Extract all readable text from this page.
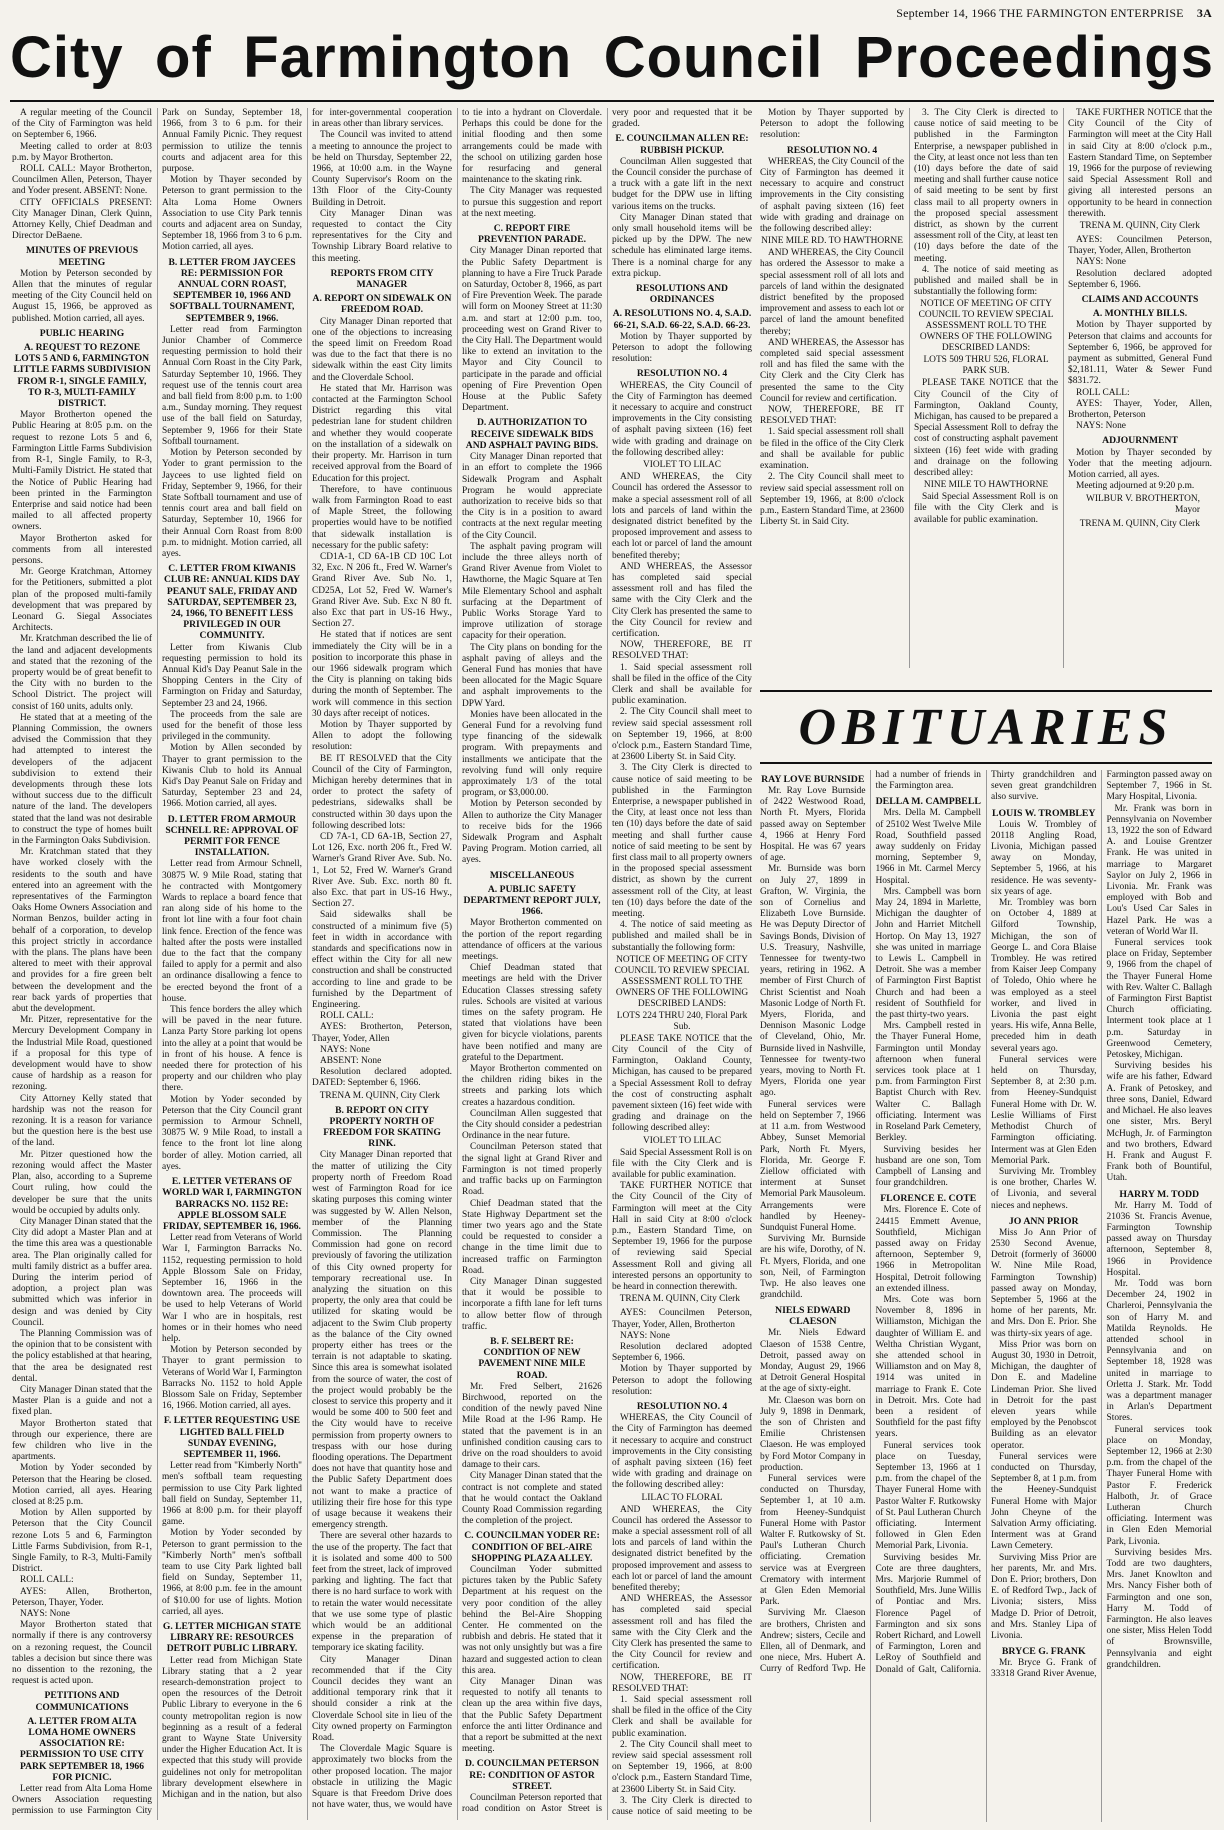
September 14, 1966 THE FARMINGTON ENTERPRISE 3A
City of Farmington Council Proceedings

A regular meeting of the Council of the City of Farmington was held on September 6, 1966.

Meeting called to order at 8:03 p.m. by Mayor Brotherton.

ROLL CALL: Mayor Brotherton, Councilmen Allen, Peterson, Thayer and Yoder present. ABSENT: None.

CITY OFFICIALS PRESENT: City Manager Dinan, Clerk Quinn, Attorney Kelly, Chief Deadman and Director DeBaene.

MINUTES OF PREVIOUS MEETING

Motion by Peterson seconded by Allen that the minutes of regular meeting of the City Council held on August 15, 1966, be approved as published. Motion carried, all ayes.

PUBLIC HEARING

A. REQUEST TO REZONE LOTS 5 AND 6, FARMINGTON LITTLE FARMS SUBDIVISION FROM R-1, SINGLE FAMILY, TO R-3, MULTI-FAMILY DISTRICT.

Mayor Brotherton opened the Public Hearing at 8:05 p.m. on the request to rezone Lots 5 and 6, Farmington Little Farms Subdivision from R-1, Single Family, to R-3, Multi-Family District. He stated that the Notice of Public Hearing had been printed in the Farmington Enterprise and said notice had been mailed to all affected property owners.

Mayor Brotherton asked for comments from all interested persons.

Mr. George Kratchman, Attorney for the Petitioners, submitted a plot plan of the proposed multi-family development that was prepared by Leonard G. Siegal Associates Architects.

Mr. Kratchman described the lie of the land and adjacent developments and stated that the rezoning of the property would be of great benefit to the City with no burden to the School District. The project will consist of 160 units, adults only.

He stated that at a meeting of the Planning Commission, the owners advised the Commission that they had attempted to interest the developers of the adjacent subdivision to extend their developments through these lots without success due to the difficult nature of the land. The developers stated that the land was not desirable to construct the type of homes built in the Farmington Oaks Subdivision.

Mr. Kratchman stated that they have worked closely with the residents to the south and have entered into an agreement with the representatives of the Farmington Oaks Home Owners Association and Norman Benzos, builder acting in behalf of a corporation, to develop this project strictly in accordance with the plans. The plans have been altered to meet with their approval and provides for a fire green belt between the development and the rear back yards of properties that abut the development.

Mr. Pitzer, representative for the Mercury Development Company in the Industrial Mile Road, questioned if a proposal for this type of development would have to show cause of hardship as a reason for rezoning.

City Attorney Kelly stated that hardship was not the reason for rezoning. It is a reason for variance but the question here is the best use of the land.

Mr. Pitzer questioned how the rezoning would affect the Master Plan, also, according to a Supreme Court ruling, how could the developer be sure that the units would be occupied by adults only.

City Manager Dinan stated that the City did adopt a Master Plan and at the time this area was a questionable area. The Plan originally called for multi family district as a buffer area. During the interim period of adoption, a project plan was submitted which was inferior in design and was denied by City Council.

The Planning Commission was of the opinion that to be consistent with the policy established at that hearing, that the area be designated rest dental.

City Manager Dinan stated that the Master Plan is a guide and not a fixed plan.

Mayor Brotherton stated that through our experience, there are few children who live in the apartments.

Motion by Yoder seconded by Peterson that the Hearing be closed. Motion carried, all ayes. Hearing closed at 8:25 p.m.

Motion by Allen supported by Peterson that the City Council rezone Lots 5 and 6, Farmington Little Farms Subdivision, from R-1, Single Family, to R-3, Multi-Family District.

ROLL CALL:

AYES: Allen, Brotherton, Peterson, Thayer, Yoder.

NAYS: None

Mayor Brotherton stated that normally if there is any controversy on a rezoning request, the Council tables a decision but since there was no dissention to the rezoning, the request is acted upon.

PETITIONS AND COMMUNICATIONS

A. LETTER FROM ALTA LOMA HOME OWNERS ASSOCIATION RE: PERMISSION TO USE CITY PARK SEPTEMBER 18, 1966 FOR PICNIC.

Letter read from Alta Loma Home Owners Association requesting permission to use Farmington City Park on Sunday, September 18, 1966, from 3 to 6 p.m. for their Annual Family Picnic. They request permission to utilize the tennis courts and adjacent area for this purpose.

Motion by Thayer seconded by Peterson to grant permission to the Alta Loma Home Owners Association to use City Park tennis courts and adjacent area on Sunday, September 18, 1966 from 3 to 6 p.m. Motion carried, all ayes.

B. LETTER FROM JAYCEES RE: PERMISSION FOR ANNUAL CORN ROAST, SEPTEMBER 10, 1966 AND SOFTBALL TOURNAMENT, SEPTEMBER 9, 1966.

Letter read from Farmington Junior Chamber of Commerce requesting permission to hold their Annual Corn Roast in the City Park, Saturday September 10, 1966. They request use of the tennis court area and ball field from 8:00 p.m. to 1:00 a.m., Sunday morning. They request use of the ball field on Saturday, September 9, 1966 for their State Softball tournament.

Motion by Peterson seconded by Yoder to grant permission to the Jaycees to use lighted field on Friday, September 9, 1966, for their State Softball tournament and use of tennis court area and ball field on Saturday, September 10, 1966 for their Annual Corn Roast from 8:00 p.m. to midnight. Motion carried, all ayes.

C. LETTER FROM KIWANIS CLUB RE: ANNUAL KIDS DAY PEANUT SALE, FRIDAY AND SATURDAY, SEPTEMBER 23, 24, 1966, TO BENEFIT LESS PRIVILEGED IN OUR COMMUNITY.

Letter from Kiwanis Club requesting permission to hold its Annual Kid's Day Peanut Sale in the Shopping Centers in the City of Farmington on Friday and Saturday, September 23 and 24, 1966.

The proceeds from the sale are used for the benefit of those less privileged in the community.

Motion by Allen seconded by Thayer to grant permission to the Kiwanis Club to hold its Annual Kid's Day Peanut Sale on Friday and Saturday, September 23 and 24, 1966. Motion carried, all ayes.

D. LETTER FROM ARMOUR SCHNELL RE: APPROVAL OF PERMIT FOR FENCE INSTALLATION.

Letter read from Armour Schnell, 30875 W. 9 Mile Road, stating that he contracted with Montgomery Wards to replace a board fence that ran along side of his home to the front lot line with a four foot chain link fence. Erection of the fence was halted after the posts were installed due to the fact that the company failed to apply for a permit and also an ordinance disallowing a fence to be erected beyond the front of a house.

This fence borders the alley which will be paved in the near future. Lanza Party Store parking lot opens into the alley at a point that would be in front of his house. A fence is needed there for protection of his property and our children who play there.

Motion by Yoder seconded by Peterson that the City Council grant permission to Armour Schnell, 30875 W. 9 Mile Road, to install a fence to the front lot line along border of alley. Motion carried, all ayes.

E. LETTER VETERANS OF WORLD WAR I, FARMINGTON BARRACKS NO. 1152 RE: APPLE BLOSSOM SALE FRIDAY, SEPTEMBER 16, 1966.

Letter read from Veterans of World War I, Farmington Barracks No. 1152, requesting permission to hold Apple Blossom Sale on Friday, September 16, 1966 in the downtown area. The proceeds will be used to help Veterans of World War I who are in hospitals, rest homes or in their homes who need help.

Motion by Peterson seconded by Thayer to grant permission to Veterans of World War I, Farmington Barracks No. 1152 to hold Apple Blossom Sale on Friday, September 16, 1966. Motion carried, all ayes.

F. LETTER REQUESTING USE LIGHTED BALL FIELD SUNDAY EVENING, SEPTEMBER 11, 1966.

Letter read from "Kimberly North" men's softball team requesting permission to use City Park lighted ball field on Sunday, September 11, 1966 at 8:00 p.m. for their playoff game.

Motion by Yoder seconded by Peterson to grant permission to the "Kimberly North" men's softball team to use City Park lighted ball field on Sunday, September 11, 1966, at 8:00 p.m. fee in the amount of $10.00 for use of lights. Motion carried, all ayes.

G. LETTER MICHIGAN STATE LIBRARY RE: RESOURCES DETROIT PUBLIC LIBRARY.

Letter read from Michigan State Library stating that a 2 year research-demonstration project to open the resources of the Detroit Public Library to everyone in the 6 county metropolitan region is now beginning as a result of a federal grant to Wayne State University under the Higher Education Act. It is expected that this study will provide guidelines not only for metropolitan library development elsewhere in Michigan and in the nation, but also for inter-governmental cooperation in areas other than library services.

The Council was invited to attend a meeting to announce the project to be held on Thursday, September 22, 1966, at 10:00 a.m. in the Wayne County Supervisor's Room on the 13th Floor of the City-County Building in Detroit.

City Manager Dinan was requested to contact the City representatives for the City and Township Library Board relative to this meeting.

REPORTS FROM CITY MANAGER

A. REPORT ON SIDEWALK ON FREEDOM ROAD.

City Manager Dinan reported that one of the objections to increasing the speed limit on Freedom Road was due to the fact that there is no sidewalk within the east City limits and the Cloverdale School.

He stated that Mr. Harrison was contacted at the Farmington School District regarding this vital pedestrian lane for student children and whether they would cooperate on the installation of a sidewalk on their property. Mr. Harrison in turn received approval from the Board of Education for this project.

Therefore, to have continuous walk from Farmington Road to east of Maple Street, the following properties would have to be notified that sidewalk installation is necessary for the public safety:

CD1A-1, CD 6A-1B CD 10C Lot 32, Exc. N 206 ft., Fred W. Warner's Grand River Ave. Sub No. 1, CD25A, Lot 52, Fred W. Warner's Grand River Ave. Sub. Exc N 80 ft. also Exc that part in US-16 Hwy., Section 27.

He stated that if notices are sent immediately the City will be in a position to incorporate this phase in our 1966 sidewalk program which the City is planning on taking bids during the month of September. The work will commence in this section 30 days after receipt of notices.

Motion by Thayer supported by Allen to adopt the following resolution:

BE IT RESOLVED that the City Council of the City of Farmington, Michigan hereby determines that in order to protect the safety of pedestrians, sidewalks shall be constructed within 30 days upon the following described lots:

CD 7A-1, CD 6A-1B, Section 27, Lot 126, Exc. north 206 ft., Fred W. Warner's Grand River Ave. Sub. No. 1, Lot 52, Fred W. Warner's Grand River Ave. Sub. Exc. north 80 ft. also Exc. that part in US-16 Hwy., Section 27.

Said sidewalks shall be constructed of a minimum five (5) feet in width in accordance with standards and specifications now in effect within the City for all new construction and shall be constructed according to line and grade to be furnished by the Department of Engineering.

ROLL CALL:

AYES: Brotherton, Peterson, Thayer, Yoder, Allen

NAYS: None

ABSENT: None

Resolution declared adopted. DATED: September 6, 1966.

TRENA M. QUINN, City Clerk

B. REPORT ON CITY PROPERTY NORTH OF FREEDOM FOR SKATING RINK.

City Manager Dinan reported that the matter of utilizing the City property north of Freedom Road west of Farmington Road for ice skating purposes this coming winter was suggested by W. Allen Nelson, member of the Planning Commission. The Planning Commission had gone on record previously of favoring the utilization of this City owned property for temporary recreational use. In analyzing the situation on this property, the only area that could be utilized for skating would be adjacent to the Swim Club property as the balance of the City owned property either has trees or the terrain is not adaptable to skating. Since this area is somewhat isolated from the source of water, the cost of the project would probably be the closest to service this property and it would be some 400 to 500 feet and the City would have to receive permission from property owners to trespass with our hose during flooding operations. The Department does not have that quantity hose and the Public Safety Department does not want to make a practice of utilizing their fire hose for this type of usage because it weakens their emergency strength.

There are several other hazards to the use of the property. The fact that it is isolated and some 400 to 500 feet from the street, lack of improved parking and lighting. The fact that there is no hard surface to work with to retain the water would necessitate that we use some type of plastic which would be an additional expense in the preparation of temporary ice skating facility.

City Manager Dinan recommended that if the City Council decides they want an additional temporary rink that it should consider a rink at the Cloverdale School site in lieu of the City owned property on Farmington Road.

The Cloverdale Magic Square is approximately two blocks from the other proposed location. The major obstacle in utilizing the Magic Square is that Freedom Drive does not have water, thus, we would have to tie into a hydrant on Cloverdale. Perhaps this could be done for the initial flooding and then some arrangements could be made with the school on utilizing garden hose for resurfacing and general maintenance to the skating rink.

The City Manager was requested to pursue this suggestion and report at the next meeting.

C. REPORT FIRE PREVENTION PARADE.

City Manager Dinan reported that the Public Safety Department is planning to have a Fire Truck Parade on Saturday, October 8, 1966, as part of Fire Prevention Week. The parade will form on Mooney Street at 11:30 a.m. and start at 12:00 p.m. too, proceeding west on Grand River to the City Hall. The Department would like to extend an invitation to the Mayor and City Council to participate in the parade and official opening of Fire Prevention Open House at the Public Safety Department.

D. AUTHORIZATION TO RECEIVE SIDEWALK BIDS AND ASPHALT PAVING BIDS.

City Manager Dinan reported that in an effort to complete the 1966 Sidewalk Program and Asphalt Program he would appreciate authorization to receive bids so that the City is in a position to award contracts at the next regular meeting of the City Council.

The asphalt paving program will include the three alleys north of Grand River Avenue from Violet to Hawthorne, the Magic Square at Ten Mile Elementary School and asphalt surfacing at the Department of Public Works Storage Yard to improve utilization of storage capacity for their operation.

The City plans on bonding for the asphalt paving of alleys and the General Fund has monies that have been allocated for the Magic Square and asphalt improvements to the DPW Yard.

Monies have been allocated in the General Fund for a revolving fund type financing of the sidewalk program. With prepayments and installments we anticipate that the revolving fund will only require approximately 1/3 of the total program, or $3,000.00.

Motion by Peterson seconded by Allen to authorize the City Manager to receive bids for the 1966 Sidewalk Program and Asphalt Paving Program. Motion carried, all ayes.

MISCELLANEOUS

A. PUBLIC SAFETY DEPARTMENT REPORT JULY, 1966.

Mayor Brotherton commented on the portion of the report regarding attendance of officers at the various meetings.

Chief Deadman stated that meetings are held with the Driver Education Classes stressing safety rules. Schools are visited at various times on the safety program. He stated that violations have been given for bicycle violations, parents have been notified and many are grateful to the Department.

Mayor Brotherton commented on the children riding bikes in the streets and parking lots which creates a hazardous condition.

Councilman Allen suggested that the City should consider a pedestrian Ordinance in the near future.

Councilman Peterson stated that the signal light at Grand River and Farmington is not timed properly and traffic backs up on Farmington Road.

Chief Deadman stated that the State Highway Department set the timer two years ago and the State could be requested to consider a change in the time limit due to increased traffic on Farmington Road.

City Manager Dinan suggested that it would be possible to incorporate a fifth lane for left turns to allow better flow of through traffic.

B. F. SELBERT RE: CONDITION OF NEW PAVEMENT NINE MILE ROAD.

Mr. Fred Selbert, 21626 Birchwood, reported on the condition of the newly paved Nine Mile Road at the I-96 Ramp. He stated that the pavement is in an unfinished condition causing cars to drive on the road shoulders to avoid damage to their cars.

City Manager Dinan stated that the contract is not complete and stated that he would contact the Oakland County Road Commission regarding the completion of the project.

C. COUNCILMAN YODER RE: CONDITION OF BEL-AIRE SHOPPING PLAZA ALLEY.

Councilman Yoder submitted pictures taken by the Public Safety Department at his request on the very poor condition of the alley behind the Bel-Aire Shopping Center. He commented on the rubbish and debris. He stated that it was not only unsightly but was a fire hazard and suggested action to clean this area.

City Manager Dinan was requested to notify all tenants to clean up the area within five days, that the Public Safety Department enforce the anti litter Ordinance and that a report be submitted at the next meeting.

D. COUNCILMAN PETERSON RE: CONDITION OF ASTOR STREET.

Councilman Peterson reported that road condition on Astor Street is very poor and requested that it be graded.

E. COUNCILMAN ALLEN RE: RUBBISH PICKUP.

Councilman Allen suggested that the Council consider the purchase of a truck with a gate lift in the next budget for the DPW use in lifting various items on the trucks.

City Manager Dinan stated that only small household items will be picked up by the DPW. The new schedule has eliminated large items. There is a nominal charge for any extra pickup.

RESOLUTIONS AND ORDINANCES

A. RESOLUTIONS NO. 4, S.A.D. 66-21, S.A.D. 66-22, S.A.D. 66-23.

Motion by Thayer supported by Peterson to adopt the following resolution:

RESOLUTION NO. 4

WHEREAS, the City Council of the City of Farmington has deemed it necessary to acquire and construct improvements in the City consisting of asphalt paving sixteen (16) feet wide with grading and drainage on the following described alley:

VIOLET TO LILAC

AND WHEREAS, the City Council has ordered the Assessor to make a special assessment roll of all lots and parcels of land within the designated district benefited by the proposed improvement and assess to each lot or parcel of land the amount benefited thereby;

AND WHEREAS, the Assessor has completed said special assessment roll and has filed the same with the City Clerk and the City Clerk has presented the same to the City Council for review and certification.

NOW, THEREFORE, BE IT RESOLVED THAT:

1. Said special assessment roll shall be filed in the office of the City Clerk and shall be available for public examination.

2. The City Council shall meet to review said special assessment roll on September 19, 1966, at 8:00 o'clock p.m., Eastern Standard Time, at 23600 Liberty St. in Said City.

3. The City Clerk is directed to cause notice of said meeting to be published in the Farmington Enterprise, a newspaper published in the City, at least once not less than ten (10) days before the date of said meeting and shall further cause notice of said meeting to be sent by first class mail to all property owners in the proposed special assessment district, as shown by the current assessment roll of the City, at least ten (10) days before the date of the meeting.

4. The notice of said meeting as published and mailed shall be in substantially the following form:

NOTICE OF MEETING OF CITY COUNCIL TO REVIEW SPECIAL ASSESSMENT ROLL TO THE OWNERS OF THE FOLLOWING DESCRIBED LANDS:

LOTS 224 THRU 240, Floral Park Sub.

PLEASE TAKE NOTICE that the City Council of the City of Farmington, Oakland County, Michigan, has caused to be prepared a Special Assessment Roll to defray the cost of constructing asphalt pavement sixteen (16) feet wide with grading and drainage on the following described alley:

VIOLET TO LILAC

Said Special Assessment Roll is on file with the City Clerk and is available for public examination.

TAKE FURTHER NOTICE that the City Council of the City of Farmington will meet at the City Hall in said City at 8:00 o'clock p.m., Eastern Standard Time, on September 19, 1966 for the purpose of reviewing said Special Assessment Roll and giving all interested persons an opportunity to be heard in connection therewith.

TRENA M. QUINN, City Clerk

AYES: Councilmen Peterson, Thayer, Yoder, Allen, Brotherton

NAYS: None

Resolution declared adopted September 6, 1966.

Motion by Thayer supported by Peterson to adopt the following resolution:

RESOLUTION NO. 4

WHEREAS, the City Council of the City of Farmington has deemed it necessary to acquire and construct improvements in the City consisting of asphalt paving sixteen (16) feet wide with grading and drainage on the following described alley:

LILAC TO FLORAL

AND WHEREAS, the City Council has ordered the Assessor to make a special assessment roll of all lots and parcels of land within the designated district benefited by the proposed improvement and assess to each lot or parcel of land the amount benefited thereby;

AND WHEREAS, the Assessor has completed said special assessment roll and has filed the same with the City Clerk and the City Clerk has presented the same to the City Council for review and certification.

NOW, THEREFORE, BE IT RESOLVED THAT:

1. Said special assessment roll shall be filed in the office of the City Clerk and shall be available for public examination.

2. The City Council shall meet to review said special assessment roll on September 19, 1966, at 8:00 o'clock p.m., Eastern Standard Time, at 23600 Liberty St. in Said City.

3. The City Clerk is directed to cause notice of said meeting to be

Motion by Thayer supported by Peterson to adopt the following resolution:

RESOLUTION NO. 4

WHEREAS, the City Council of the City of Farmington has deemed it necessary to acquire and construct improvements in the City consisting of asphalt paving sixteen (16) feet wide with grading and drainage on the following described alley:

NINE MILE RD. TO HAWTHORNE

AND WHEREAS, the City Council has ordered the Assessor to make a special assessment roll of all lots and parcels of land within the designated district benefited by the proposed improvement and assess to each lot or parcel of land the amount benefited thereby;

AND WHEREAS, the Assessor has completed said special assessment roll and has filed the same with the City Clerk and the City Clerk has presented the same to the City Council for review and certification.

NOW, THEREFORE, BE IT RESOLVED THAT:

1. Said special assessment roll shall be filed in the office of the City Clerk and shall be available for public examination.

2. The City Council shall meet to review said special assessment roll on September 19, 1966, at 8:00 o'clock p.m., Eastern Standard Time, at 23600 Liberty St. in Said City.

3. The City Clerk is directed to cause notice of said meeting to be published in the Farmington Enterprise, a newspaper published in the City, at least once not less than ten (10) days before the date of said meeting and shall further cause notice of said meeting to be sent by first class mail to all property owners in the proposed special assessment district, as shown by the current assessment roll of the City, at least ten (10) days before the date of the meeting.

4. The notice of said meeting as published and mailed shall be in substantially the following form:

NOTICE OF MEETING OF CITY COUNCIL TO REVIEW SPECIAL ASSESSMENT ROLL TO THE OWNERS OF THE FOLLOWING DESCRIBED LANDS:

LOTS 509 THRU 526, FLORAL PARK SUB.

PLEASE TAKE NOTICE that the City Council of the City of Farmington, Oakland County, Michigan, has caused to be prepared a Special Assessment Roll to defray the cost of constructing asphalt pavement sixteen (16) feet wide with grading and drainage on the following described alley:

NINE MILE TO HAWTHORNE

Said Special Assessment Roll is on file with the City Clerk and is available for public examination.

TAKE FURTHER NOTICE that the City Council of the City of Farmington will meet at the City Hall in said City at 8:00 o'clock p.m., Eastern Standard Time, on September 19, 1966 for the purpose of reviewing said Special Assessment Roll and giving all interested persons an opportunity to be heard in connection therewith.

TRENA M. QUINN, City Clerk

AYES: Councilmen Peterson, Thayer, Yoder, Allen, Brotherton

NAYS: None

Resolution declared adopted September 6, 1966.

CLAIMS AND ACCOUNTS

A. MONTHLY BILLS.

Motion by Thayer supported by Peterson that claims and accounts for September 6, 1966, be approved for payment as submitted, General Fund $2,181.11, Water & Sewer Fund $831.72.

ROLL CALL:

AYES: Thayer, Yoder, Allen, Brotherton, Peterson

NAYS: None

ADJOURNMENT

Motion by Thayer seconded by Yoder that the meeting adjourn. Motion carried, all ayes.

Meeting adjourned at 9:20 p.m.

WILBUR V. BROTHERTON, Mayor

TRENA M. QUINN, City Clerk

OBITUARIES

RAY LOVE BURNSIDE

Mr. Ray Love Burnside of 2422 Westwood Road, North Ft. Myers, Florida passed away on September 4, 1966 at Henry Ford Hospital. He was 67 years of age.

Mr. Burnside was born on July 27, 1899 in Grafton, W. Virginia, the son of Cornelius and Elizabeth Love Burnside. He was Deputy Director of Savings Bonds, Division of U.S. Treasury, Nashville, Tennessee for twenty-two years, retiring in 1962. A member of First Church of Christ Scientist and Noah Masonic Lodge of North Ft. Myers, Florida, and Dennison Masonic Lodge of Cleveland, Ohio, Mr. Burnside lived in Nashville, Tennessee for twenty-two years, moving to North Ft. Myers, Florida one year ago.

Funeral services were held on September 7, 1966 at 11 a.m. from Westwood Abbey, Sunset Memorial Park, North Ft. Myers, Florida, Mr. George F. Ziellow officiated with interment at Sunset Memorial Park Mausoleum. Arrangements were handled by Heeney-Sundquist Funeral Home.

Surviving Mr. Burnside are his wife, Dorothy, of N. Ft. Myers, Florida, and one son, Neil, of Farmington Twp. He also leaves one grandchild.

NIELS EDWARD CLAESON

Mr. Niels Edward Claeson of 1538 Centre, Detroit, passed away on Monday, August 29, 1966 at Detroit General Hospital at the age of sixty-eight.

Mr. Claeson was born on July 9, 1898 in Denmark, the son of Christen and Emilie Christensen Claeson. He was employed by Ford Motor Company in production.

Funeral services were conducted on Thursday, September 1, at 10 a.m. from Heeney-Sundquist Funeral Home with Pastor Walter F. Rutkowsky of St. Paul's Lutheran Church officiating. Cremation service was at Evergreen Crematory with interment at Glen Eden Memorial Park.

Surviving Mr. Claeson are brothers, Christen and Andrew; sisters, Cecile and Ellen, all of Denmark, and one niece, Mrs. Hubert A. Curry of Redford Twp. He had a number of friends in the Farmington area.

DELLA M. CAMPBELL

Mrs. Della M. Campbell of 25102 West Twelve Mile Road, Southfield passed away suddenly on Friday morning, September 9, 1966 in Mt. Carmel Mercy Hospital.

Mrs. Campbell was born May 24, 1894 in Marlette, Michigan the daughter of John and Harriet Mitchell Hortop. On May 13, 1927 she was united in marriage to Lewis L. Campbell in Detroit. She was a member of Farmington First Baptist Church and had been a resident of Southfield for the past thirty-two years.

Mrs. Campbell rested in the Thayer Funeral Home, Farmington until Monday afternoon when funeral services took place at 1 p.m. from Farmington First Baptist Church with Rev. Walter C. Ballagh officiating. Interment was in Roseland Park Cemetery, Berkley.

Surviving besides her husband are one son, Tom Campbell of Lansing and four grandchildren.

FLORENCE E. COTE

Mrs. Florence E. Cote of 24415 Emmett Avenue, Southfield, Michigan passed away on Friday afternoon, September 9, 1966 in Metropolitan Hospital, Detroit following an extended illness.

Mrs. Cote was born November 8, 1896 in Williamston, Michigan the daughter of William E. and Weltha Christian Wygant, she attended school in Williamston and on May 8, 1914 was united in marriage to Frank E. Cote in Detroit. Mrs. Cote had been a resident of Southfield for the past fifty years.

Funeral services took place on Tuesday, September 13, 1966 at 1 p.m. from the chapel of the Thayer Funeral Home with Pastor Walter F. Rutkowsky of St. Paul Lutheran Church officiating. Interment followed in Glen Eden Memorial Park, Livonia.

Surviving besides Mr. Cote are three daughters, Mrs. Marjorie Rummel of Southfield, Mrs. June Willis of Pontiac and Mrs. Florence Pagel of Farmington and six sons Robert Richard, and Lowell of Farmington, Loren and LeRoy of Southfield and Donald of Galt, California. Thirty grandchildren and seven great grandchildren also survive.

LOUIS W. TROMBLEY

Louis W. Trombley of 20118 Angling Road, Livonia, Michigan passed away on Monday, September 5, 1966, at his residence. He was seventy-six years of age.

Mr. Trombley was born on October 4, 1889 at Gilford Township, Michigan, the son of George L. and Cora Blaise Trombley. He was retired from Kaiser Jeep Company of Toledo, Ohio where he was employed as a steel worker, and lived in Livonia the past eight years. His wife, Anna Belle, preceded him in death several years ago.

Funeral services were held on Thursday, September 8, at 2:30 p.m. from Heeney-Sundquist Funeral Home with Dr. W. Leslie Williams of First Methodist Church of Farmington officiating. Interment was at Glen Eden Memorial Park.

Surviving Mr. Trombley is one brother, Charles W. of Livonia, and several nieces and nephews.

JO ANN PRIOR

Miss Jo Ann Prior of 2530 Second Avenue, Detroit (formerly of 36000 W. Nine Mile Road, Farmington Township) passed away on Monday, September 5, 1966 at the home of her parents, Mr. and Mrs. Don E. Prior. She was thirty-six years of age.

Miss Prior was born on August 30, 1930 in Detroit, Michigan, the daughter of Don E. and Madeline Lindeman Prior. She lived in Detroit for the past eleven years while employed by the Penobscot Building as an elevator operator.

Funeral services were conducted on Thursday, September 8, at 1 p.m. from the Heeney-Sundquist Funeral Home with Major John Cheyne of the Salvation Army officiating. Interment was at Grand Lawn Cemetery.

Surviving Miss Prior are her parents, Mr. and Mrs. Don E. Prior; brothers, Don E. of Redford Twp., Jack of Livonia; sisters, Miss Madge D. Prior of Detroit, and Mrs. Stanley Lipa of Livonia.

BRYCE G. FRANK

Mr. Bryce G. Frank of 33318 Grand River Avenue, Farmington passed away on September 7, 1966 in St. Mary Hospital, Livonia.

Mr. Frank was born in Pennsylvania on November 13, 1922 the son of Edward A. and Louise Grentzer Frank. He was united in marriage to Margaret Saylor on July 2, 1966 in Livonia. Mr. Frank was employed with Bob and Lou's Used Car Sales in Hazel Park. He was a veteran of World War II.

Funeral services took place on Friday, September 9, 1966 from the chapel of the Thayer Funeral Home with Rev. Walter C. Ballagh of Farmington First Baptist Church officiating. Interment took place at 1 p.m. Saturday in Greenwood Cemetery, Petoskey, Michigan.

Surviving besides his wife are his father, Edward A. Frank of Petoskey, and three sons, Daniel, Edward and Michael. He also leaves one sister, Mrs. Beryl McHugh, Jr. of Farmington and two brothers, Edward H. Frank and August F. Frank both of Bountiful, Utah.

HARRY M. TODD

Mr. Harry M. Todd of 21036 St. Francis Avenue, Farmington Township passed away on Thursday afternoon, September 8, 1966 in Providence Hospital.

Mr. Todd was born December 24, 1902 in Charleroi, Pennsylvania the son of Harry M. and Matilda Reynolds. He attended school in Pennsylvania and on September 18, 1928 was united in marriage to Orletta J. Stark. Mr. Todd was a department manager in Arlan's Department Stores.

Funeral services took place on Monday, September 12, 1966 at 2:30 p.m. from the chapel of the Thayer Funeral Home with Pastor F. Frederick Halboth, Jr. of Grace Lutheran Church officiating. Interment was in Glen Eden Memorial Park, Livonia.

Surviving besides Mrs. Todd are two daughters, Mrs. Janet Knowlton and Mrs. Nancy Fisher both of Farmington and one son, Harry M. Todd of Farmington. He also leaves one sister, Miss Helen Todd of Brownsville, Pennsylvania and eight grandchildren.
